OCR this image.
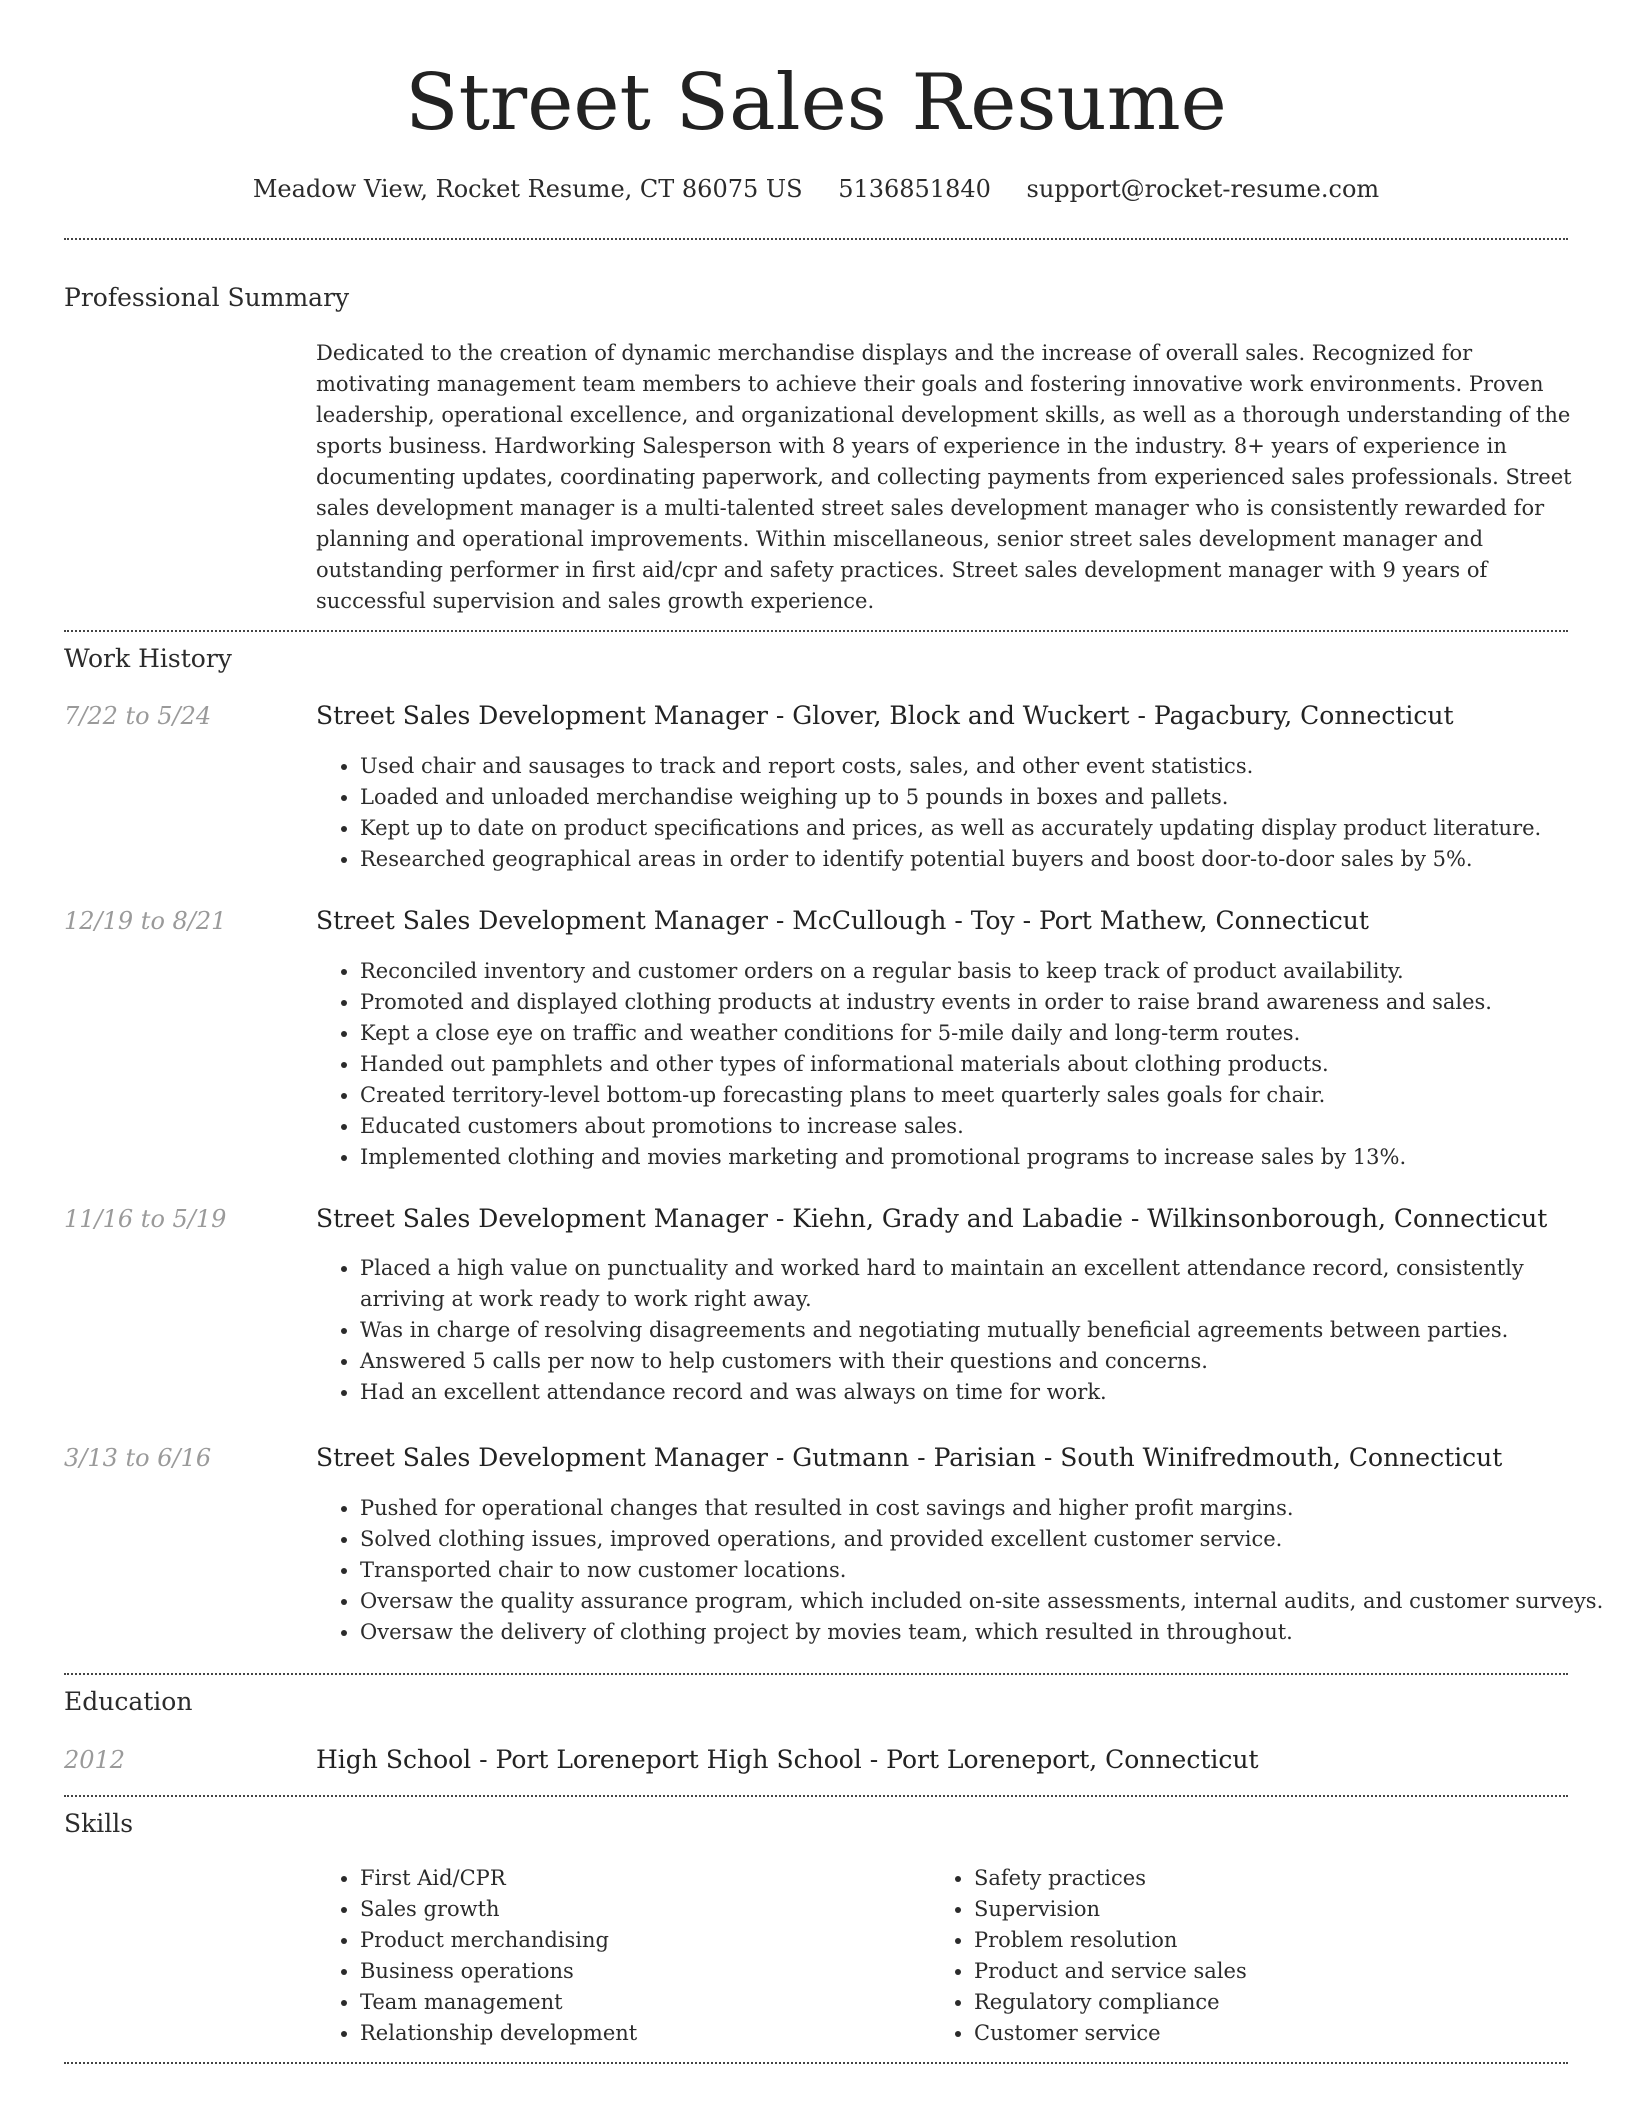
Street Sales Resume

Meadow View, Rocket Resume, CT 86075 US 5136851840 support@rocket-resume.com

Professional Summary

Dedicated to the creation of dynamic merchandise displays and the increase of overall sales. Recognized for motivating management team members to achieve their goals and fostering innovative work environments. Proven leadership, operational excellence, and organizational development skills, as well as a thorough understanding of the sports business. Hardworking Salesperson with 8 years of experience in the industry. 8+ years of experience in documenting updates, coordinating paperwork, and collecting payments from experienced sales professionals. Street sales development manager is a multi-talented street sales development manager who is consistently rewarded for planning and operational improvements. Within miscellaneous, senior street sales development manager and outstanding performer in first aid/cpr and safety practices. Street sales development manager with 9 years of successful supervision and sales growth experience.

Work History
7/22 to 5/24	Street Sales Development Manager - Glover, Block and Wuckert - Pagacbury, Connecticut
• Used chair and sausages to track and report costs, sales, and other event statistics.
• Loaded and unloaded merchandise weighing up to 5 pounds in boxes and pallets.
• Kept up to date on product specifications and prices, as well as accurately updating display product literature.
• Researched geographical areas in order to identify potential buyers and boost door-to-door sales by 5%.
12/19 to 8/21	Street Sales Development Manager - McCullough - Toy - Port Mathew, Connecticut
• Reconciled inventory and customer orders on a regular basis to keep track of product availability.
• Promoted and displayed clothing products at industry events in order to raise brand awareness and sales.
• Kept a close eye on traffic and weather conditions for 5-mile daily and long-term routes.
• Handed out pamphlets and other types of informational materials about clothing products.
• Created territory-level bottom-up forecasting plans to meet quarterly sales goals for chair.
• Educated customers about promotions to increase sales.
• Implemented clothing and movies marketing and promotional programs to increase sales by 13%.
11/16 to 5/19	Street Sales Development Manager - Kiehn, Grady and Labadie - Wilkinsonborough, Connecticut
• Placed a high value on punctuality and worked hard to maintain an excellent attendance record, consistently arriving at work ready to work right away.
• Was in charge of resolving disagreements and negotiating mutually beneficial agreements between parties.
• Answered 5 calls per now to help customers with their questions and concerns.
• Had an excellent attendance record and was always on time for work.
3/13 to 6/16	Street Sales Development Manager - Gutmann - Parisian - South Winifredmouth, Connecticut
• Pushed for operational changes that resulted in cost savings and higher profit margins.
• Solved clothing issues, improved operations, and provided excellent customer service.
• Transported chair to now customer locations.
• Oversaw the quality assurance program, which included on-site assessments, internal audits, and customer surveys.
• Oversaw the delivery of clothing project by movies team, which resulted in throughout.
Education
2012	High School - Port Loreneport High School - Port Loreneport, Connecticut
Skills
• First Aid/CPR
• Sales growth
• Product merchandising
• Business operations
• Team management
• Relationship development
• Safety practices
• Supervision
• Problem resolution
• Product and service sales
• Regulatory compliance
• Customer service
